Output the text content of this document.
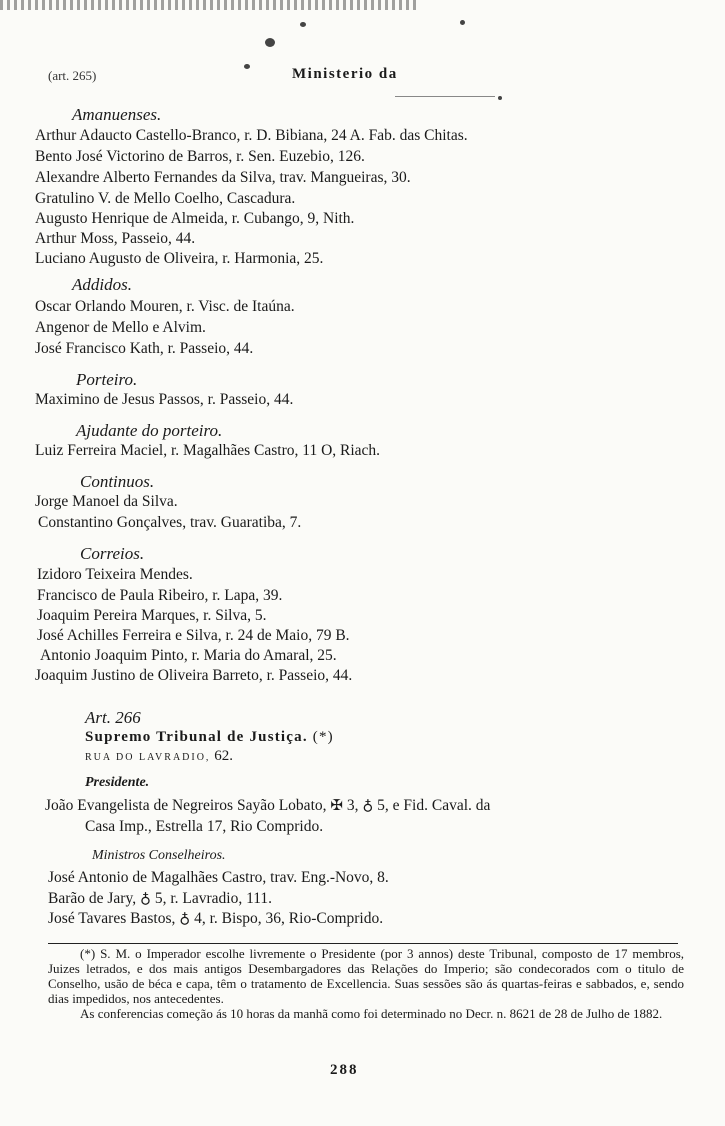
(art. 265)	Ministerio da
Amanuenses.
Arthur Adaucto Castello-Branco, r. D. Bibiana, 24 A. Fab. das Chitas.
Bento José Victorino de Barros, r. Sen. Euzebio, 126.
Alexandre Alberto Fernandes da Silva, trav. Mangueiras, 30.
Gratulino V. de Mello Coelho, Cascadura.
Augusto Henrique de Almeida, r. Cubango, 9, Nith.
Arthur Moss, Passeio, 44.
Luciano Augusto de Oliveira, r. Harmonia, 25.
Addidos.
Oscar Orlando Mouren, r. Visc. de Itaúna.
Angenor de Mello e Alvim.
José Francisco Kath, r. Passeio, 44.
Porteiro.
Maximino de Jesus Passos, r. Passeio, 44.
Ajudante do porteiro.
Luiz Ferreira Maciel, r. Magalhães Castro, 11 O, Riach.
Continuos.
Jorge Manoel da Silva.
Constantino Gonçalves, trav. Guaratiba, 7.
Correios.
Izidoro Teixeira Mendes.
Francisco de Paula Ribeiro, r. Lapa, 39.
Joaquim Pereira Marques, r. Silva, 5.
José Achilles Ferreira e Silva, r. 24 de Maio, 79 B.
Antonio Joaquim Pinto, r. Maria do Amaral, 25.
Joaquim Justino de Oliveira Barreto, r. Passeio, 44.
Art. 266
Supremo Tribunal de Justiça. (*)
RUA DO LAVRADIO, 62.
Presidente.
João Evangelista de Negreiros Sayão Lobato, ✠ 3, ♁ 5, e Fid. Caval. da
Casa Imp., Estrella 17, Rio Comprido.
Ministros Conselheiros.
José Antonio de Magalhães Castro, trav. Eng.-Novo, 8.
Barão de Jary, ♁ 5, r. Lavradio, 111.
José Tavares Bastos, ♁ 4, r. Bispo, 36, Rio-Comprido.

(*) S. M. o Imperador escolhe livremente o Presidente (por 3 annos) deste Tribunal, composto de 17 membros, Juizes letrados, e dos mais antigos Desembargadores das Relações do Imperio; são condecorados com o titulo de Conselho, usão de béca e capa, têm o tratamento de Excellencia. Suas sessões são ás quartas-feiras e sabbados, e, sendo dias impedidos, nos antecedentes.

As conferencias começão ás 10 horas da manhã como foi determinado no Decr. n. 8621 de 28 de Julho de 1882.

288
